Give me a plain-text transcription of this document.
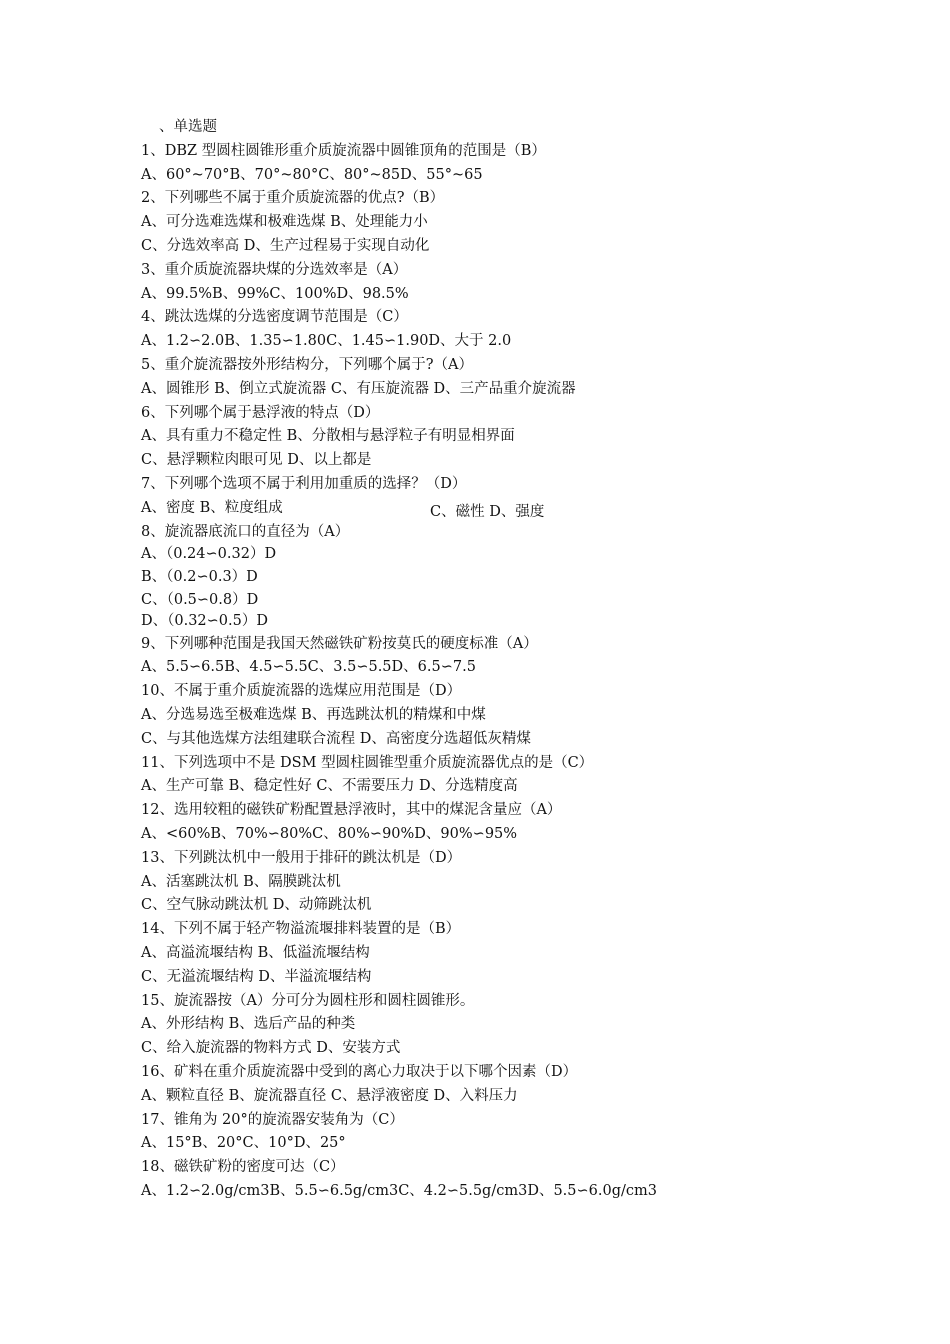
、单选题
1、DBZ 型圆柱圆锥形重介质旋流器中圆锥顶角的范围是（B）
A、60°~70°B、70°~80°C、80°~85D、55°~65
2、下列哪些不属于重介质旋流器的优点?（B）
A、可分选难选煤和极难选煤 B、处理能力小
C、分选效率高 D、生产过程易于实现自动化
3、重介质旋流器块煤的分选效率是（A）
A、99.5%B、99%C、100%D、98.5%
4、跳汰选煤的分选密度调节范围是（C）
A、1.2∽2.0B、1.35∽1.80C、1.45∽1.90D、大于 2.0
5、重介旋流器按外形结构分，下列哪个属于?（A）
A、圆锥形 B、倒立式旋流器 C、有压旋流器 D、三产品重介旋流器
6、下列哪个属于悬浮液的特点（D）
A、具有重力不稳定性 B、分散相与悬浮粒子有明显相界面
C、悬浮颗粒肉眼可见 D、以上都是
7、下列哪个选项不属于利用加重质的选择？（D）
A、密度 B、粒度组成	C、磁性 D、强度
8、旋流器底流口的直径为（A）
A、（0.24∽0.32）D
B、（0.2∽0.3）D
C、（0.5∽0.8）D
D、（0.32∽0.5）D
9、下列哪种范围是我国天然磁铁矿粉按莫氏的硬度标准（A）
A、5.5∽6.5B、4.5∽5.5C、3.5∽5.5D、6.5∽7.5
10、不属于重介质旋流器的选煤应用范围是（D）
A、分选易选至极难选煤 B、再选跳汰机的精煤和中煤
C、与其他选煤方法组建联合流程 D、高密度分选超低灰精煤
11、下列选项中不是 DSM 型圆柱圆锥型重介质旋流器优点的是（C）
A、生产可靠 B、稳定性好 C、不需要压力 D、分选精度高
12、选用较粗的磁铁矿粉配置悬浮液时，其中的煤泥含量应（A）
A、<60%B、70%∽80%C、80%∽90%D、90%∽95%
13、下列跳汰机中一般用于排矸的跳汰机是（D）
A、活塞跳汰机 B、隔膜跳汰机
C、空气脉动跳汰机 D、动筛跳汰机
14、下列不属于轻产物溢流堰排料装置的是（B）
A、高溢流堰结构 B、低溢流堰结构
C、无溢流堰结构 D、半溢流堰结构
15、旋流器按（A）分可分为圆柱形和圆柱圆锥形。
A、外形结构 B、选后产品的种类
C、给入旋流器的物料方式 D、安装方式
16、矿料在重介质旋流器中受到的离心力取决于以下哪个因素（D）
A、颗粒直径 B、旋流器直径 C、悬浮液密度 D、入料压力
17、锥角为 20°的旋流器安装角为（C）
A、15°B、20°C、10°D、25°
18、磁铁矿粉的密度可达（C）
A、1.2∽2.0g/cm3B、5.5∽6.5g/cm3C、4.2∽5.5g/cm3D、5.5∽6.0g/cm3
